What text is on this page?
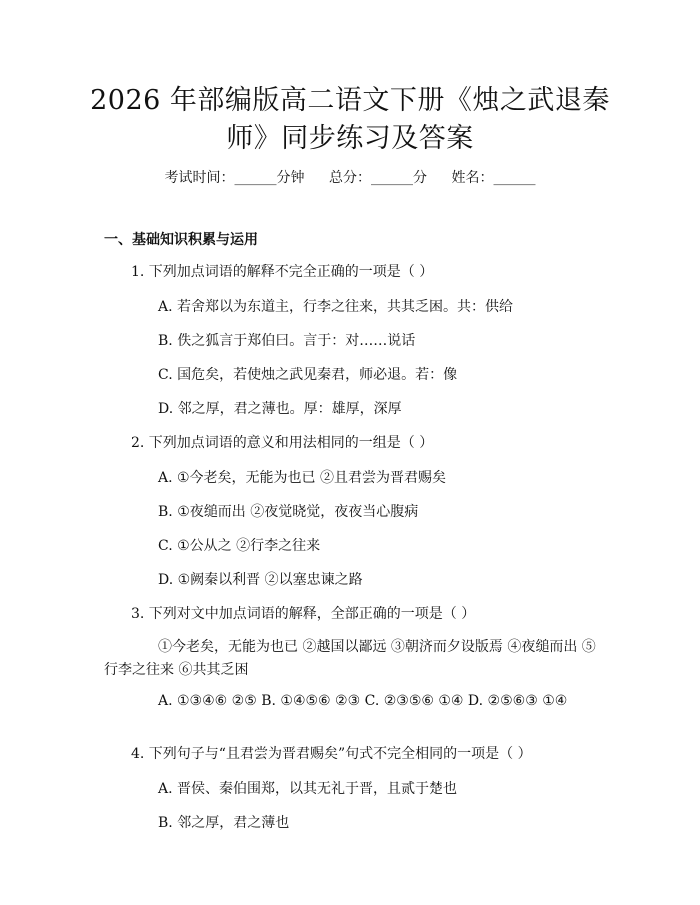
2026 年部编版高二语文下册《烛之武退秦
师》同步练习及答案
考试时间：______分钟 总分：______分 姓名：______
一、基础知识积累与运用
1. 下列加点词语的解释不完全正确的一项是（ ）
A. 若舍郑以为东道主，行李之往来，共其乏困。共：供给
B. 佚之狐言于郑伯曰。言于：对……说话
C. 国危矣，若使烛之武见秦君，师必退。若：像
D. 邻之厚，君之薄也。厚：雄厚，深厚
2. 下列加点词语的意义和用法相同的一组是（ ）
A. ①今老矣，无能为也已 ②且君尝为晋君赐矣
B. ①夜缒而出 ②夜觉晓觉，夜夜当心腹病
C. ①公从之 ②行李之往来
D. ①阙秦以利晋 ②以塞忠谏之路
3. 下列对文中加点词语的解释，全部正确的一项是（ ）
①今老矣，无能为也已 ②越国以鄙远 ③朝济而夕设版焉 ④夜缒而出 ⑤行李之往来 ⑥共其乏困
A. ①③④⑥ ②⑤ B. ①④⑤⑥ ②③ C. ②③⑤⑥ ①④ D. ②⑤⑥③ ①④
4. 下列句子与“且君尝为晋君赐矣”句式不完全相同的一项是（ ）
A. 晋侯、秦伯围郑，以其无礼于晋，且贰于楚也
B. 邻之厚，君之薄也
